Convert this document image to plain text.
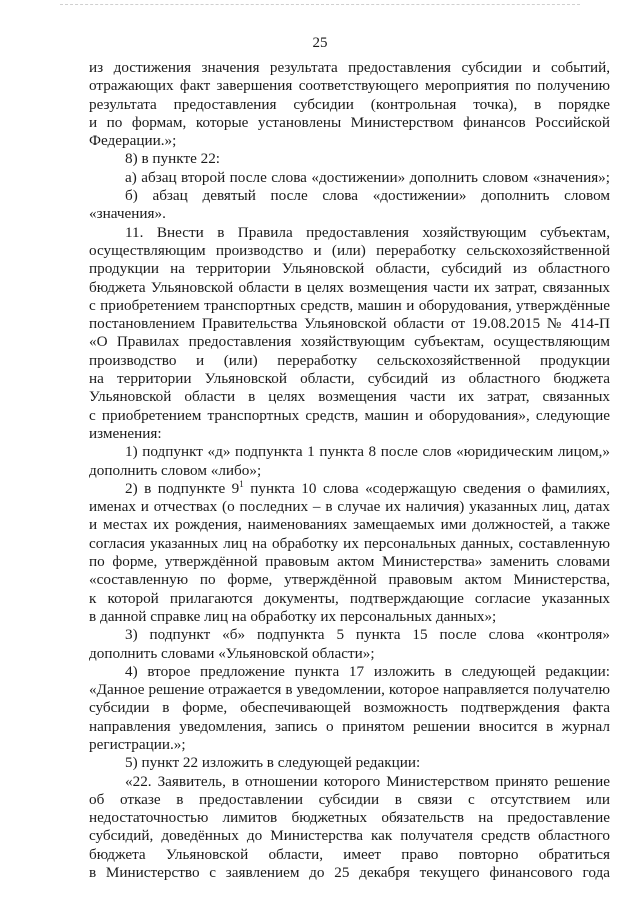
25
из достижения значения результата предоставления субсидии и событий,
отражающих факт завершения соответствующего мероприятия по получению
результата предоставления субсидии (контрольная точка), в порядке
и по формам, которые установлены Министерством финансов Российской
Федерации.»;
8) в пункте 22:
а) абзац второй после слова «достижении» дополнить словом «значения»;
б) абзац девятый после слова «достижении» дополнить словом
«значения».
11. Внести в Правила предоставления хозяйствующим субъектам,
осуществляющим производство и (или) переработку сельскохозяйственной
продукции на территории Ульяновской области, субсидий из областного
бюджета Ульяновской области в целях возмещения части их затрат, связанных
с приобретением транспортных средств, машин и оборудования, утверждённые
постановлением Правительства Ульяновской области от 19.08.2015 № 414-П
«О Правилах предоставления хозяйствующим субъектам, осуществляющим
производство и (или) переработку сельскохозяйственной продукции
на территории Ульяновской области, субсидий из областного бюджета
Ульяновской области в целях возмещения части их затрат, связанных
с приобретением транспортных средств, машин и оборудования», следующие
изменения:
1) подпункт «д» подпункта 1 пункта 8 после слов «юридическим лицом,»
дополнить словом «либо»;
2) в подпункте $9^1$ пункта 10 слова «содержащую сведения о фамилиях,
именах и отчествах (о последних – в случае их наличия) указанных лиц, датах
и местах их рождения, наименованиях замещаемых ими должностей, а также
согласия указанных лиц на обработку их персональных данных, составленную
по форме, утверждённой правовым актом Министерства» заменить словами
«составленную по форме, утверждённой правовым актом Министерства,
к которой прилагаются документы, подтверждающие согласие указанных
в данной справке лиц на обработку их персональных данных»;
3) подпункт «б» подпункта 5 пункта 15 после слова «контроля»
дополнить словами «Ульяновской области»;
4) второе предложение пункта 17 изложить в следующей редакции:
«Данное решение отражается в уведомлении, которое направляется получателю
субсидии в форме, обеспечивающей возможность подтверждения факта
направления уведомления, запись о принятом решении вносится в журнал
регистрации.»;
5) пункт 22 изложить в следующей редакции:
«22. Заявитель, в отношении которого Министерством принято решение
об отказе в предоставлении субсидии в связи с отсутствием или
недостаточностью лимитов бюджетных обязательств на предоставление
субсидий, доведённых до Министерства как получателя средств областного
бюджета Ульяновской области, имеет право повторно обратиться
в Министерство с заявлением до 25 декабря текущего финансового года
